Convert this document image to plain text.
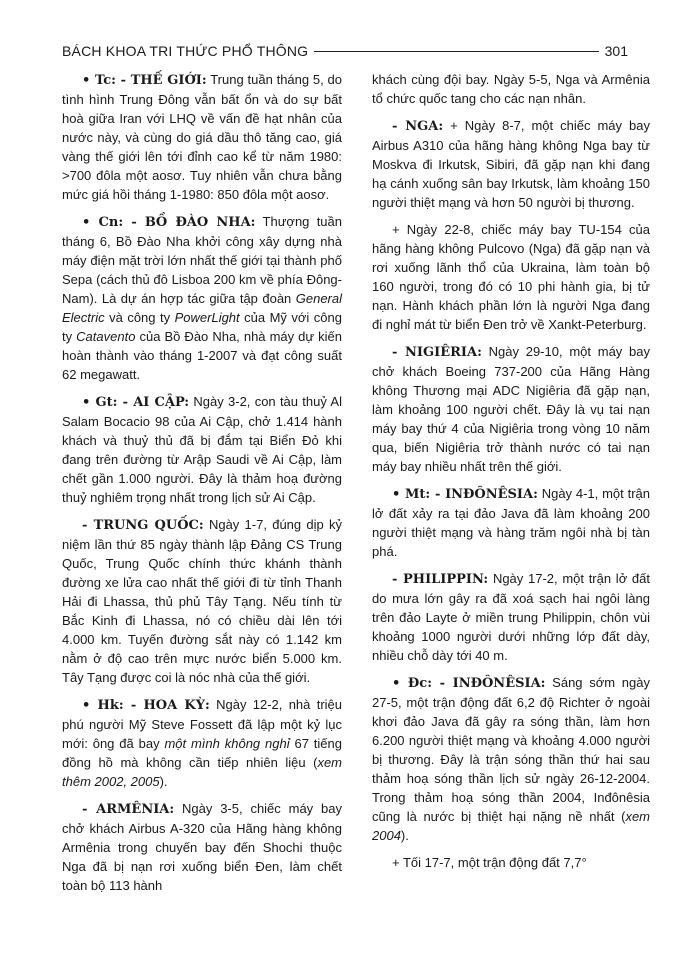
BÁCH KHOA TRI THỨC PHỔ THÔNG	301

• Tc: - THẾ GIỚI: Trung tuần tháng 5, do tình hình Trung Đông vẫn bất ổn và do sự bất hoà giữa Iran với LHQ về vấn đề hạt nhân của nước này, và cùng do giá dầu thô tăng cao, giá vàng thế giới lên tới đỉnh cao kể từ năm 1980: >700 đôla một aosơ. Tuy nhiên vẫn chưa bằng mức giá hồi tháng 1-1980: 850 đôla một aosơ.

• Cn: - BỒ ĐÀO NHA: Thượng tuần tháng 6, Bồ Đào Nha khởi công xây dựng nhà máy điện mặt trời lớn nhất thế giới tại thành phố Sepa (cách thủ đô Lisboa 200 km về phía Đông-Nam). Là dự án hợp tác giữa tập đoàn General Electric và công ty PowerLight của Mỹ với công ty Catavento của Bồ Đào Nha, nhà máy dự kiến hoàn thành vào tháng 1-2007 và đạt công suất 62 megawatt.

• Gt: - AI CẬP: Ngày 3-2, con tàu thuỷ Al Salam Bocacio 98 của Ai Cập, chở 1.414 hành khách và thuỷ thủ đã bị đắm tại Biển Đỏ khi đang trên đường từ Arập Saudi về Ai Cập, làm chết gần 1.000 người. Đây là thảm hoạ đường thuỷ nghiêm trọng nhất trong lịch sử Ai Cập.

- TRUNG QUỐC: Ngày 1-7, đúng dịp kỷ niệm lần thứ 85 ngày thành lập Đảng CS Trung Quốc, Trung Quốc chính thức khánh thành đường xe lửa cao nhất thế giới đi từ tỉnh Thanh Hải đi Lhassa, thủ phủ Tây Tạng. Nếu tính từ Bắc Kinh đi Lhassa, nó có chiều dài lên tới 4.000 km. Tuyến đường sắt này có 1.142 km nằm ở độ cao trên mực nước biển 5.000 km. Tây Tạng được coi là nóc nhà của thế giới.

• Hk: - HOA KỲ: Ngày 12-2, nhà triệu phú người Mỹ Steve Fossett đã lập một kỷ lục mới: ông đã bay một mình không nghỉ 67 tiếng đồng hồ mà không cần tiếp nhiên liệu (xem thêm 2002, 2005).

- ARMÊNIA: Ngày 3-5, chiếc máy bay chở khách Airbus A-320 của Hãng hàng không Armênia trong chuyến bay đến Shochi thuộc Nga đã bị nạn rơi xuống biển Đen, làm chết toàn bộ 113 hành

khách cùng đội bay. Ngày 5-5, Nga và Armênia tổ chức quốc tang cho các nạn nhân.

- NGA: + Ngày 8-7, một chiếc máy bay Airbus A310 của hãng hàng không Nga bay từ Moskva đi Irkutsk, Sibiri, đã gặp nạn khi đang hạ cánh xuống sân bay Irkutsk, làm khoảng 150 người thiệt mạng và hơn 50 người bị thương.

+ Ngày 22-8, chiếc máy bay TU-154 của hãng hàng không Pulcovo (Nga) đã gặp nạn và rơi xuống lãnh thổ của Ukraina, làm toàn bộ 160 người, trong đó có 10 phi hành gia, bị tử nạn. Hành khách phần lớn là người Nga đang đi nghỉ mát từ biển Đen trở về Xankt-Peterburg.

- NIGIÊRIA: Ngày 29-10, một máy bay chở khách Boeing 737-200 của Hãng Hàng không Thương mại ADC Nigiêria đã gặp nạn, làm khoảng 100 người chết. Đây là vụ tai nạn máy bay thứ 4 của Nigiêria trong vòng 10 năm qua, biến Nigiêria trở thành nước có tai nạn máy bay nhiều nhất trên thế giới.

• Mt: - INĐÔNÊSIA: Ngày 4-1, một trận lở đất xảy ra tại đảo Java đã làm khoảng 200 người thiệt mạng và hàng trăm ngôi nhà bị tàn phá.

- PHILIPPIN: Ngày 17-2, một trận lở đất do mưa lớn gây ra đã xoá sạch hai ngôi làng trên đảo Layte ở miền trung Philippin, chôn vùi khoảng 1000 người dưới những lớp đất dày, nhiều chỗ dày tới 40 m.

• Đc: - INĐÔNÊSIA: Sáng sớm ngày 27-5, một trận động đất 6,2 độ Richter ở ngoài khơi đảo Java đã gây ra sóng thần, làm hơn 6.200 người thiệt mạng và khoảng 4.000 người bị thương. Đây là trận sóng thần thứ hai sau thảm hoạ sóng thần lịch sử ngày 26-12-2004. Trong thảm hoạ sóng thần 2004, Inđônêsia cũng là nước bị thiệt hại nặng nề nhất (xem 2004).

+ Tối 17-7, một trận động đất 7,7°
